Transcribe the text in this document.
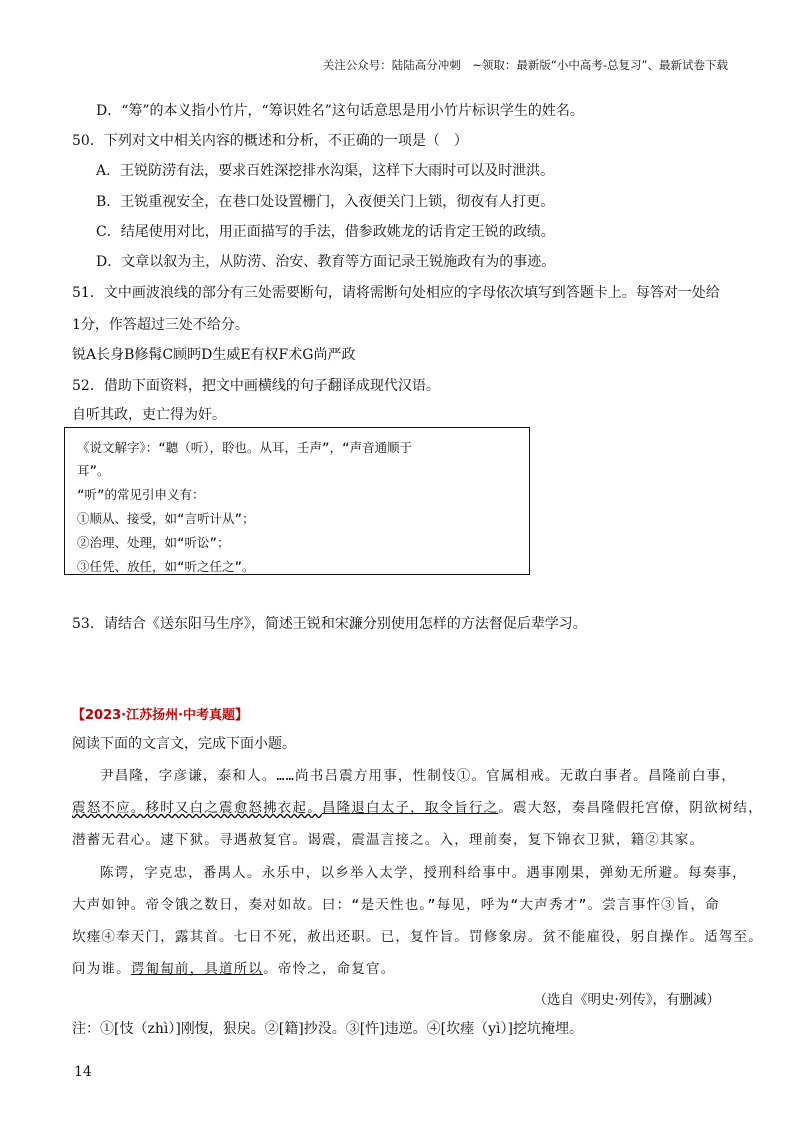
关注公众号：陆陆高分冲刺　~领取：最新版“小中高考-总复习”、最新试卷下载
D．“筹”的本义指小竹片，“筹识姓名”这句话意思是用小竹片标识学生的姓名。
50．下列对文中相关内容的概述和分析，不正确的一项是（　）
A．王锐防涝有法，要求百姓深挖排水沟渠，这样下大雨时可以及时泄洪。
B．王锐重视安全，在巷口处设置栅门，入夜便关门上锁，彻夜有人打更。
C．结尾使用对比，用正面描写的手法，借参政姚龙的话肯定王锐的政绩。
D．文章以叙为主，从防涝、治安、教育等方面记录王锐施政有为的事迹。
51．文中画波浪线的部分有三处需要断句，请将需断句处相应的字母依次填写到答题卡上。每答对一处给
1分，作答超过三处不给分。
锐A长身B修髯C顾眄D生威E有权F术G尚严政
52．借助下面资料，把文中画横线的句子翻译成现代汉语。
自听其政，吏亡得为奸。
《说文解字》：“聽（听），聆也。从耳，壬声”，“声音通顺于
耳”。
“听”的常见引申义有：
①顺从、接受，如“言听计从”；
②治理、处理，如“听讼”；
③任凭、放任，如“听之任之”。
53．请结合《送东阳马生序》，简述王锐和宋濂分别使用怎样的方法督促后辈学习。
【2023·江苏扬州·中考真题】
阅读下面的文言文，完成下面小题。
尹昌隆，字彦谦，泰和人。……尚书吕震方用事，性制忮①。官属相戒。无敢白事者。昌隆前白事，
震怒不应。移时又白之震愈怒拂衣起。昌隆退白太子，取令旨行之。震大怒，奏昌隆假托宫僚，阴欲树结，
潜蓄无君心。逮下狱。寻遇赦复官。谒震，震温言接之。入，理前奏，复下锦衣卫狱，籍②其家。
陈谔，字克忠，番禺人。永乐中，以乡举入太学，授刑科给事中。遇事刚果，弹劾无所避。每奏事，
大声如钟。帝令饿之数日，奏对如故。曰：“是天性也。”每见，呼为“大声秀才”。尝言事忤③旨，命
坎瘗④奉天门，露其首。七日不死，赦出还职。已，复忤旨。罚修象房。贫不能雇役，躬自操作。适驾至。
问为谁。谔匍匐前，具道所以。帝怜之，命复官。
（选自《明史·列传》，有删减）
注：①[忮（zhì）]刚愎，狠戾。②[籍]抄没。③[忤]违逆。④[坎瘗（yì）]挖坑掩埋。
14
